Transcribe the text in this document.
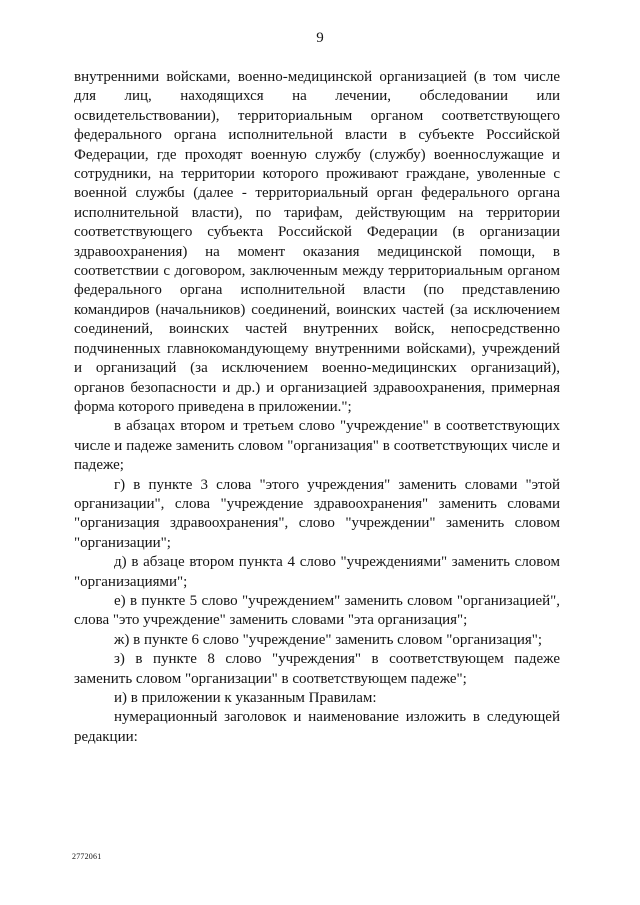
9

внутренними войсками, военно-медицинской организацией (в том числе для лиц, находящихся на лечении, обследовании или освидетельствовании), территориальным органом соответствующего федерального органа исполнительной власти в субъекте Российской Федерации, где проходят военную службу (службу) военнослужащие и сотрудники, на территории которого проживают граждане, уволенные с военной службы (далее - территориальный орган федерального органа исполнительной власти), по тарифам, действующим на территории соответствующего субъекта Российской Федерации (в организации здравоохранения) на момент оказания медицинской помощи, в соответствии с договором, заключенным между территориальным органом федерального органа исполнительной власти (по представлению командиров (начальников) соединений, воинских частей (за исключением соединений, воинских частей внутренних войск, непосредственно подчиненных главнокомандующему внутренними войсками), учреждений и организаций (за исключением военно-медицинских организаций), органов безопасности и др.) и организацией здравоохранения, примерная форма которого приведена в приложении.";

в абзацах втором и третьем слово "учреждение" в соответствующих числе и падеже заменить словом "организация" в соответствующих числе и падеже;

г) в пункте 3 слова "этого учреждения" заменить словами "этой организации", слова "учреждение здравоохранения" заменить словами "организация здравоохранения", слово "учреждении" заменить словом "организации";

д) в абзаце втором пункта 4 слово "учреждениями" заменить словом "организациями";

е) в пункте 5 слово "учреждением" заменить словом "организацией", слова "это учреждение" заменить словами "эта организация";

ж) в пункте 6 слово "учреждение" заменить словом "организация";

з) в пункте 8 слово "учреждения" в соответствующем падеже заменить словом "организации" в соответствующем падеже";

и) в приложении к указанным Правилам:

нумерационный заголовок и наименование изложить в следующей редакции:

2772061
